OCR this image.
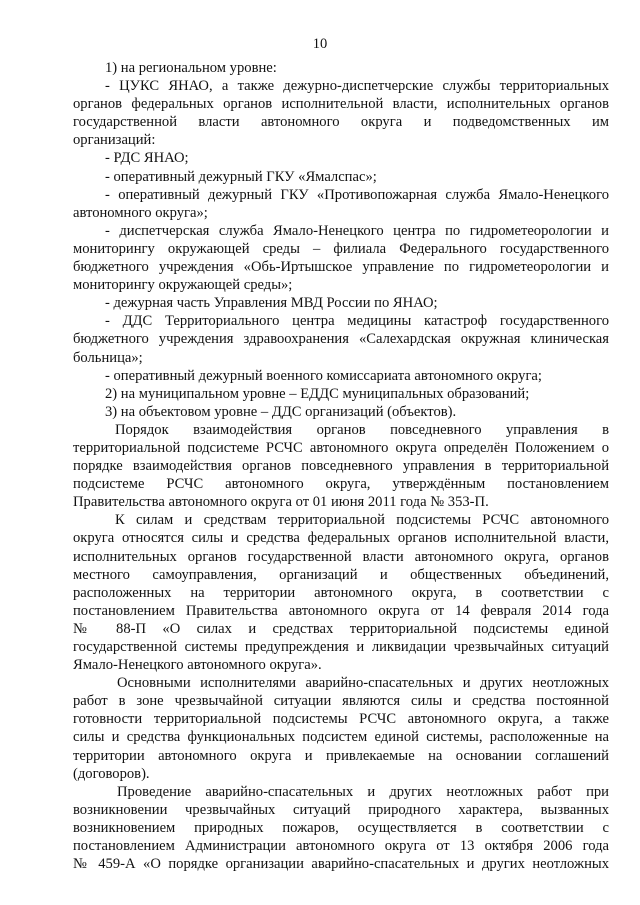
10
1) на региональном уровне:
- ЦУКС ЯНАО, а также дежурно-диспетчерские службы территориальных
органов федеральных органов исполнительной власти, исполнительных органов
государственной власти автономного округа и подведомственных им
организаций:
- РДС ЯНАО;
- оперативный дежурный ГКУ «Ямалспас»;
- оперативный дежурный ГКУ «Противопожарная служба Ямало-Ненецкого
автономного округа»;
- диспетчерская служба Ямало-Ненецкого центра по гидрометеорологии и
мониторингу окружающей среды – филиала Федерального государственного
бюджетного учреждения «Обь-Иртышское управление по гидрометеорологии и
мониторингу окружающей среды»;
- дежурная часть Управления МВД России по ЯНАО;
- ДДС Территориального центра медицины катастроф государственного
бюджетного учреждения здравоохранения «Салехардская окружная клиническая
больница»;
- оперативный дежурный военного комиссариата автономного округа;
2) на муниципальном уровне – ЕДДС муниципальных образований;
3) на объектовом уровне – ДДС организаций (объектов).
Порядок взаимодействия органов повседневного управления в
территориальной подсистеме РСЧС автономного округа определён Положением о
порядке взаимодействия органов повседневного управления в территориальной
подсистеме РСЧС автономного округа, утверждённым постановлением
Правительства автономного округа от 01 июня 2011 года № 353-П.
К силам и средствам территориальной подсистемы РСЧС автономного
округа относятся силы и средства федеральных органов исполнительной власти,
исполнительных органов государственной власти автономного округа, органов
местного самоуправления, организаций и общественных объединений,
расположенных на территории автономного округа, в соответствии с
постановлением Правительства автономного округа от 14 февраля 2014 года
№ 88-П «О силах и средствах территориальной подсистемы единой
государственной системы предупреждения и ликвидации чрезвычайных ситуаций
Ямало-Ненецкого автономного округа».
Основными исполнителями аварийно-спасательных и других неотложных
работ в зоне чрезвычайной ситуации являются силы и средства постоянной
готовности территориальной подсистемы РСЧС автономного округа, а также
силы и средства функциональных подсистем единой системы, расположенные на
территории автономного округа и привлекаемые на основании соглашений
(договоров).
Проведение аварийно-спасательных и других неотложных работ при
возникновении чрезвычайных ситуаций природного характера, вызванных
возникновением природных пожаров, осуществляется в соответствии с
постановлением Администрации автономного округа от 13 октября 2006 года
№ 459-А «О порядке организации аварийно-спасательных и других неотложных
